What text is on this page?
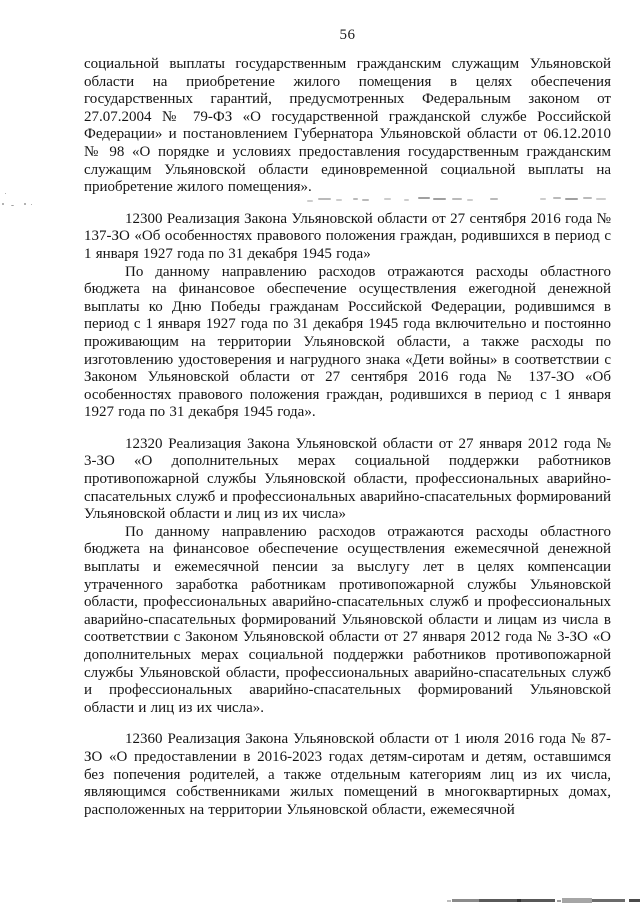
56

социальной выплаты государственным гражданским служащим Ульяновской области на приобретение жилого помещения в целях обеспечения государственных гарантий, предусмотренных Федеральным законом от 27.07.2004 № 79-ФЗ «О государственной гражданской службе Российской Федерации» и постановлением Губернатора Ульяновской области от 06.12.2010 № 98 «О порядке и условиях предоставления государственным гражданским служащим Ульяновской области единовременной социальной выплаты на приобретение жилого помещения».

12300 Реализация Закона Ульяновской области от 27 сентября 2016 года № 137-ЗО «Об особенностях правового положения граждан, родившихся в период с 1 января 1927 года по 31 декабря 1945 года»

По данному направлению расходов отражаются расходы областного бюджета на финансовое обеспечение осуществления ежегодной денежной выплаты ко Дню Победы гражданам Российской Федерации, родившимся в период с 1 января 1927 года по 31 декабря 1945 года включительно и постоянно проживающим на территории Ульяновской области, а также расходы по изготовлению удостоверения и нагрудного знака «Дети войны» в соответствии с Законом Ульяновской области от 27 сентября 2016 года № 137-ЗО «Об особенностях правового положения граждан, родившихся в период с 1 января 1927 года по 31 декабря 1945 года».

12320 Реализация Закона Ульяновской области от 27 января 2012 года № 3-ЗО «О дополнительных мерах социальной поддержки работников противопожарной службы Ульяновской области, профессиональных аварийно-спасательных служб и профессиональных аварийно-спасательных формирований Ульяновской области и лиц из их числа»

По данному направлению расходов отражаются расходы областного бюджета на финансовое обеспечение осуществления ежемесячной денежной выплаты и ежемесячной пенсии за выслугу лет в целях компенсации утраченного заработка работникам противопожарной службы Ульяновской области, профессиональных аварийно-спасательных служб и профессиональных аварийно-спасательных формирований Ульяновской области и лицам из числа в соответствии с Законом Ульяновской области от 27 января 2012 года № 3-ЗО «О дополнительных мерах социальной поддержки работников противопожарной службы Ульяновской области, профессиональных аварийно-спасательных служб и профессиональных аварийно-спасательных формирований Ульяновской области и лиц из их числа».

12360 Реализация Закона Ульяновской области от 1 июля 2016 года № 87-ЗО «О предоставлении в 2016-2023 годах детям-сиротам и детям, оставшимся без попечения родителей, а также отдельным категориям лиц из их числа, являющимся собственниками жилых помещений в многоквартирных домах, расположенных на территории Ульяновской области, ежемесячной
